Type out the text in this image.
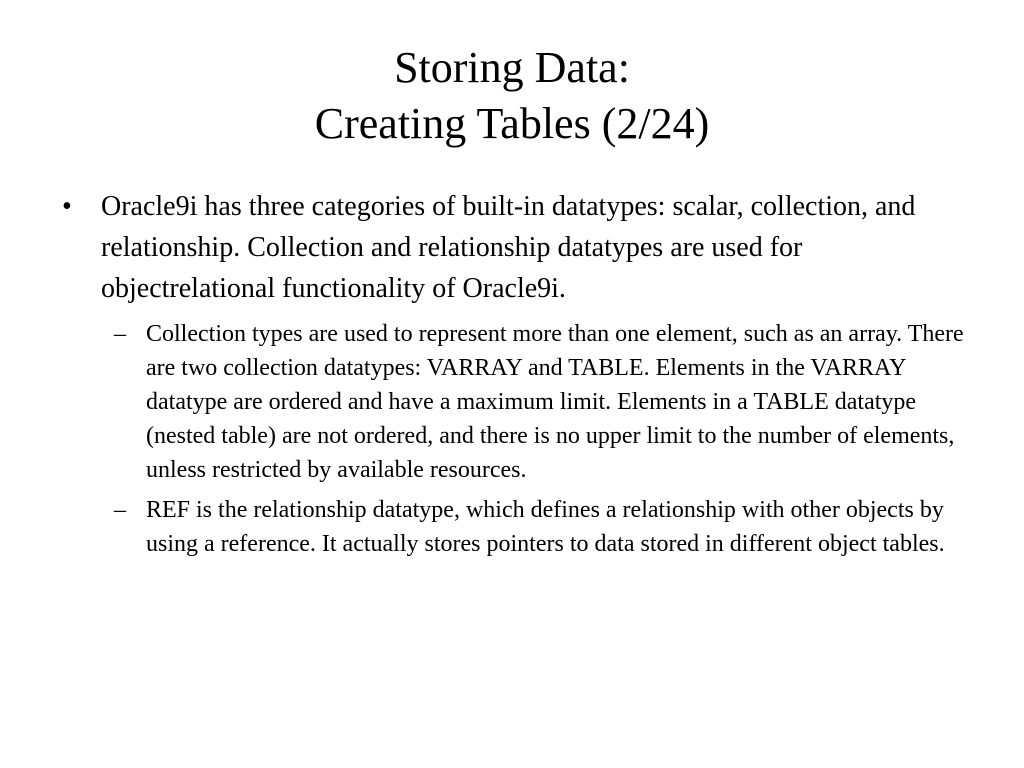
Storing Data:
Creating Tables (2/24)

• Oracle9i has three categories of built-in datatypes: scalar, collection, and relationship. Collection and relationship datatypes are used for objectrelational functionality of Oracle9i.

– Collection types are used to represent more than one element, such as an array. There are two collection datatypes: VARRAY and TABLE. Elements in the VARRAY datatype are ordered and have a maximum limit. Elements in a TABLE datatype (nested table) are not ordered, and there is no upper limit to the number of elements, unless restricted by available resources.

– REF is the relationship datatype, which defines a relationship with other objects by using a reference. It actually stores pointers to data stored in different object tables.
